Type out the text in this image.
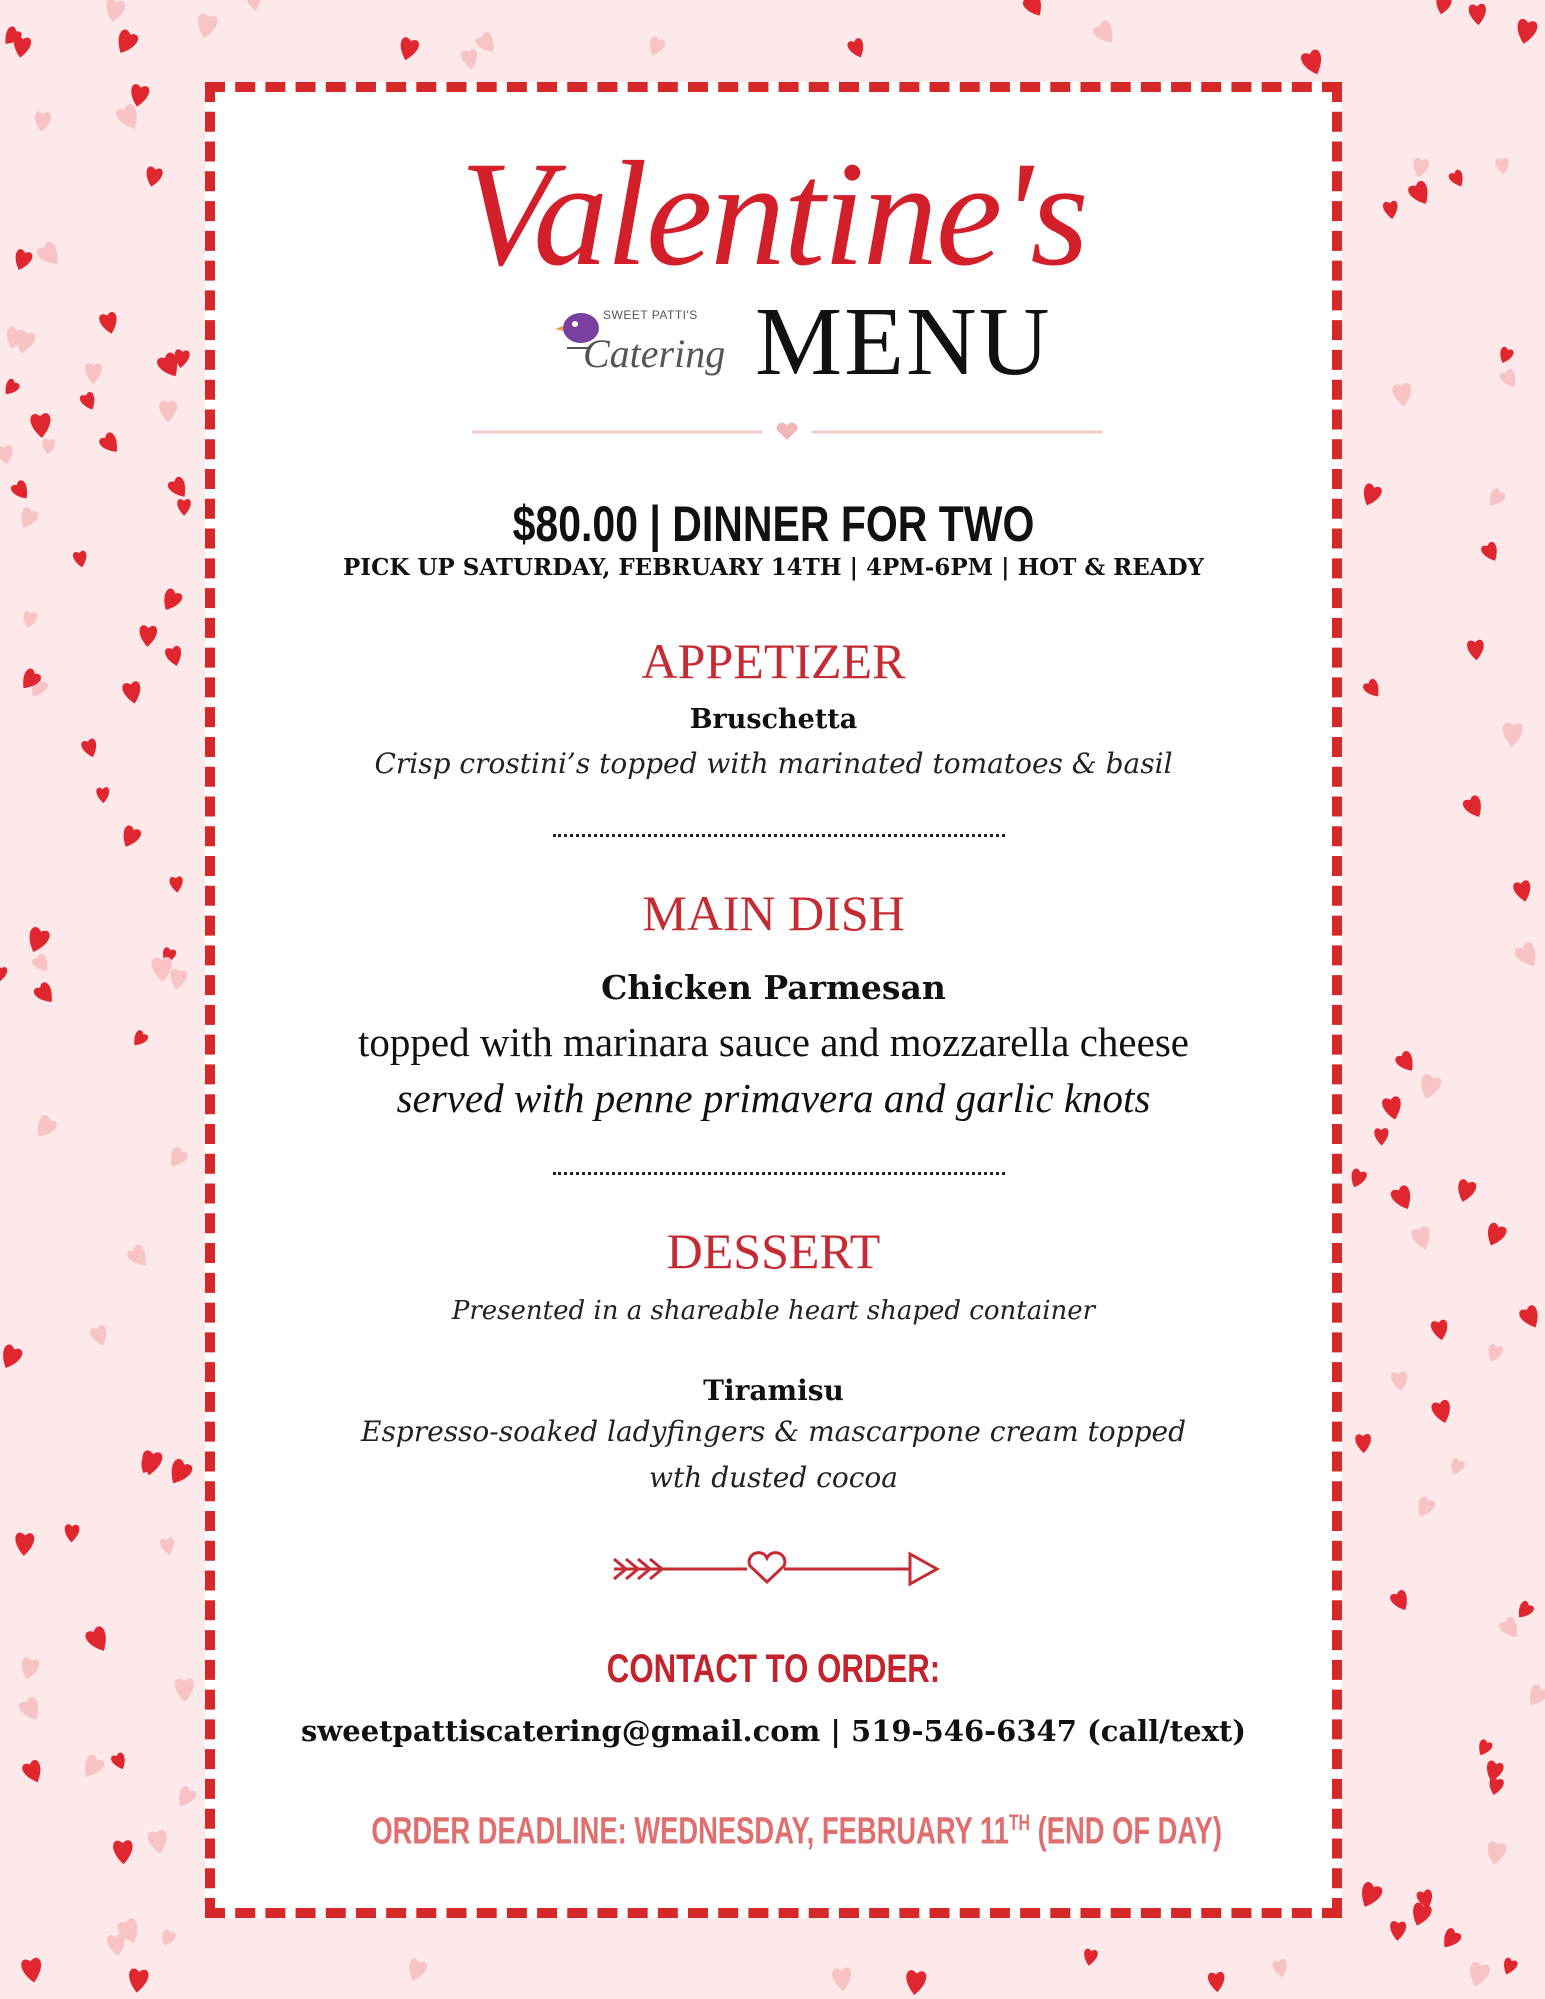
Valentine's
SWEET PATTI'S
Catering MENU
$80.00 | DINNER FOR TWO
PICK UP SATURDAY, FEBRUARY 14TH | 4PM-6PM | HOT & READY
APPETIZER
Bruschetta
Crisp crostini’s topped with marinated tomatoes & basil
MAIN DISH
Chicken Parmesan
topped with marinara sauce and mozzarella cheese
served with penne primavera and garlic knots
DESSERT
Presented in a shareable heart shaped container
Tiramisu
Espresso-soaked ladyfingers & mascarpone cream topped
wth dusted cocoa
CONTACT TO ORDER:
sweetpattiscatering@gmail.com | 519-546-6347 (call/text)
ORDER DEADLINE: WEDNESDAY, FEBRUARY 11TH (END OF DAY)
